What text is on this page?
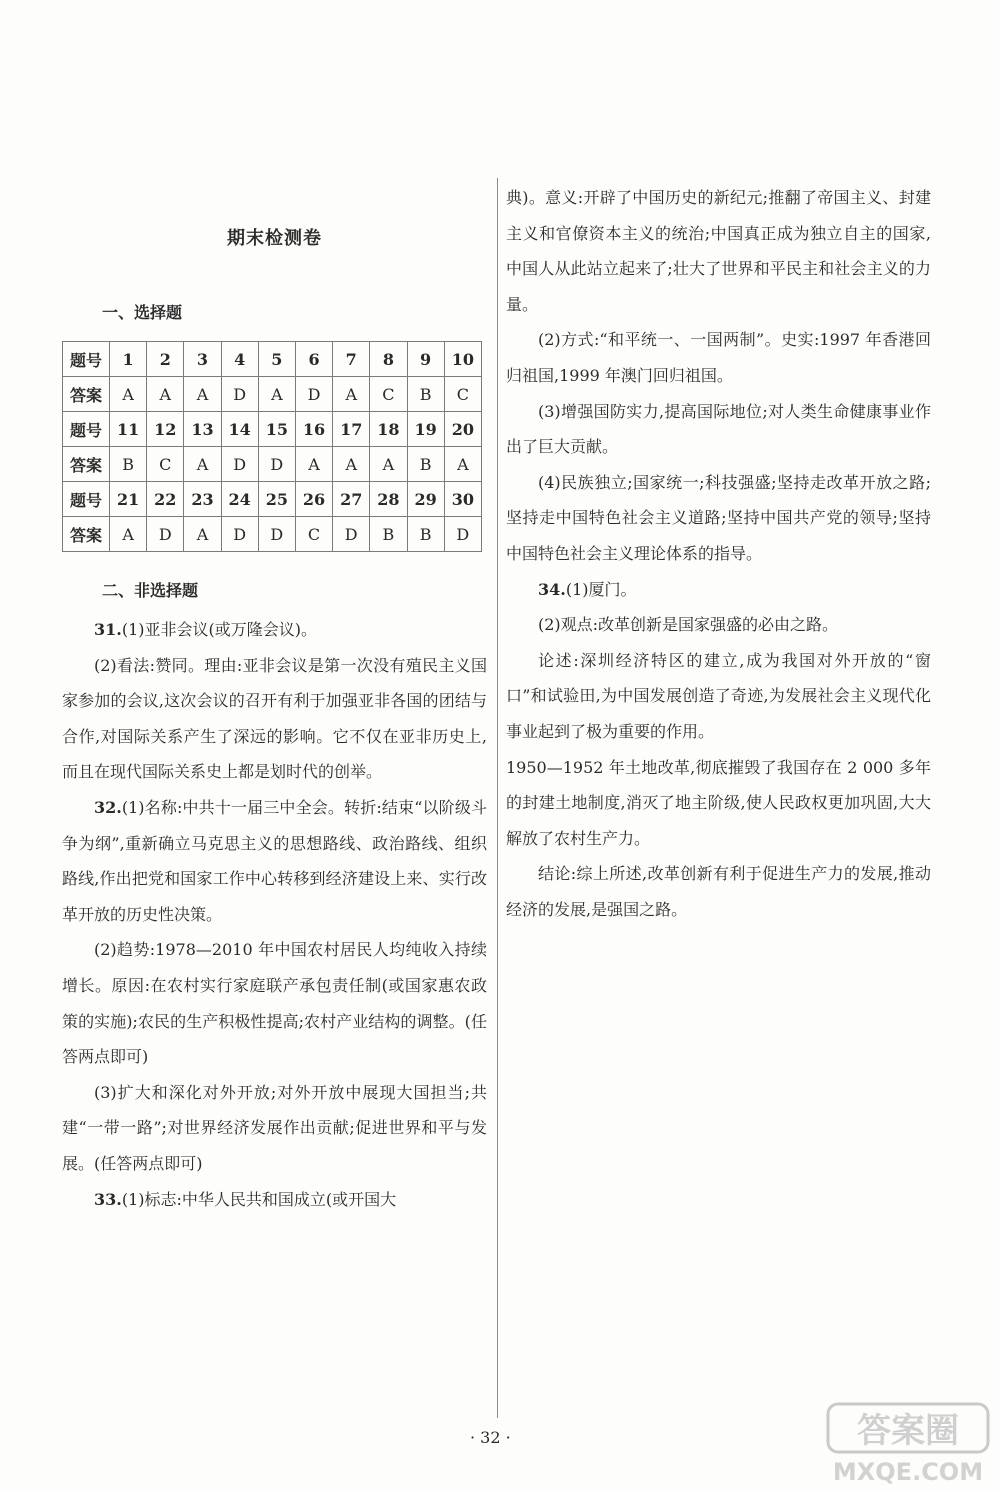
期末检测卷
一、选择题
题号	1	2	3	4	5	6	7	8	9	10
答案	A	A	A	D	A	D	A	C	B	C
题号	11	12	13	14	15	16	17	18	19	20
答案	B	C	A	D	D	A	A	A	B	A
题号	21	22	23	24	25	26	27	28	29	30
答案	A	D	A	D	D	C	D	B	B	D
二、非选择题

31.(1)亚非会议(或万隆会议)。

(2)看法:赞同。理由:亚非会议是第一次没有殖民主义国家参加的会议,这次会议的召开有利于加强亚非各国的团结与合作,对国际关系产生了深远的影响。它不仅在亚非历史上,而且在现代国际关系史上都是划时代的创举。

32.(1)名称:中共十一届三中全会。转折:结束“以阶级斗争为纲”,重新确立马克思主义的思想路线、政治路线、组织路线,作出把党和国家工作中心转移到经济建设上来、实行改革开放的历史性决策。

(2)趋势:1978—2010 年中国农村居民人均纯收入持续增长。原因:在农村实行家庭联产承包责任制(或国家惠农政策的实施);农民的生产积极性提高;农村产业结构的调整。(任答两点即可)

(3)扩大和深化对外开放;对外开放中展现大国担当;共建“一带一路”;对世界经济发展作出贡献;促进世界和平与发展。(任答两点即可)

33.(1)标志:中华人民共和国成立(或开国大

典)。意义:开辟了中国历史的新纪元;推翻了帝国主义、封建主义和官僚资本主义的统治;中国真正成为独立自主的国家,中国人从此站立起来了;壮大了世界和平民主和社会主义的力量。

(2)方式:“和平统一、一国两制”。史实:1997 年香港回归祖国,1999 年澳门回归祖国。

(3)增强国防实力,提高国际地位;对人类生命健康事业作出了巨大贡献。

(4)民族独立;国家统一;科技强盛;坚持走改革开放之路;坚持走中国特色社会主义道路;坚持中国共产党的领导;坚持中国特色社会主义理论体系的指导。

34.(1)厦门。

(2)观点:改革创新是国家强盛的必由之路。

论述:深圳经济特区的建立,成为我国对外开放的“窗口”和试验田,为中国发展创造了奇迹,为发展社会主义现代化事业起到了极为重要的作用。

1950—1952 年土地改革,彻底摧毁了我国存在 2 000 多年的封建土地制度,消灭了地主阶级,使人民政权更加巩固,大大解放了农村生产力。

结论:综上所述,改革创新有利于促进生产力的发展,推动经济的发展,是强国之路。

· 32 ·	答案圈
MXQE.COM
